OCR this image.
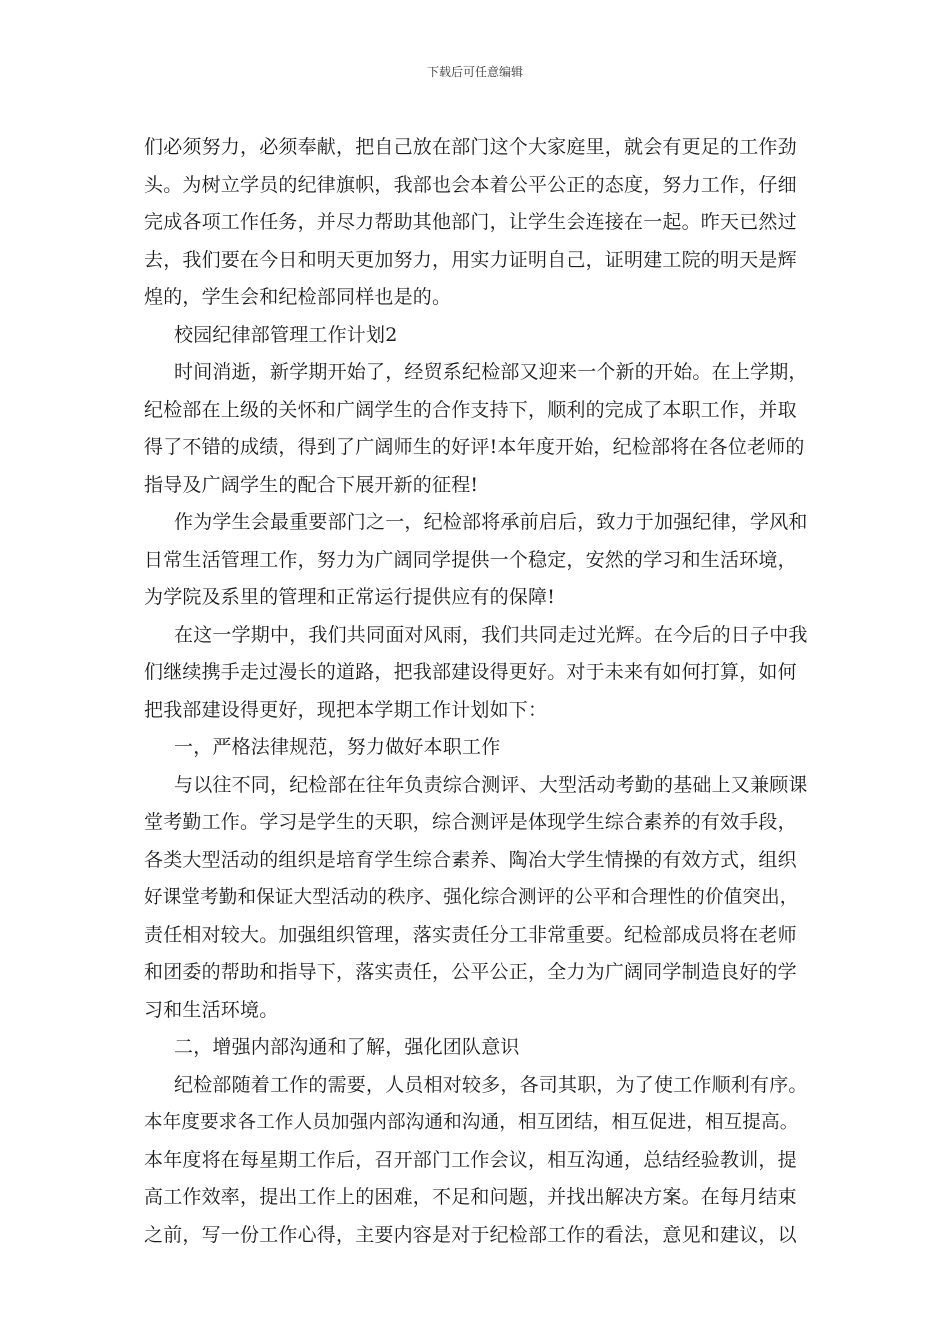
下载后可任意编辑
们必须努力，必须奉献，把自己放在部门这个大家庭里，就会有更足的工作劲
头。为树立学员的纪律旗帜，我部也会本着公平公正的态度，努力工作，仔细
完成各项工作任务，并尽力帮助其他部门，让学生会连接在一起。昨天已然过
去，我们要在今日和明天更加努力，用实力证明自己，证明建工院的明天是辉
煌的，学生会和纪检部同样也是的。
校园纪律部管理工作计划2
时间消逝，新学期开始了，经贸系纪检部又迎来一个新的开始。在上学期，
纪检部在上级的关怀和广阔学生的合作支持下，顺利的完成了本职工作，并取
得了不错的成绩，得到了广阔师生的好评!本年度开始，纪检部将在各位老师的
指导及广阔学生的配合下展开新的征程!
作为学生会最重要部门之一，纪检部将承前启后，致力于加强纪律，学风和
日常生活管理工作，努力为广阔同学提供一个稳定，安然的学习和生活环境，
为学院及系里的管理和正常运行提供应有的保障!
在这一学期中，我们共同面对风雨，我们共同走过光辉。在今后的日子中我
们继续携手走过漫长的道路，把我部建设得更好。对于未来有如何打算，如何
把我部建设得更好，现把本学期工作计划如下：
一，严格法律规范，努力做好本职工作
与以往不同，纪检部在往年负责综合测评、大型活动考勤的基础上又兼顾课
堂考勤工作。学习是学生的天职，综合测评是体现学生综合素养的有效手段，
各类大型活动的组织是培育学生综合素养、陶冶大学生情操的有效方式，组织
好课堂考勤和保证大型活动的秩序、强化综合测评的公平和合理性的价值突出，
责任相对较大。加强组织管理，落实责任分工非常重要。纪检部成员将在老师
和团委的帮助和指导下，落实责任，公平公正，全力为广阔同学制造良好的学
习和生活环境。
二，增强内部沟通和了解，强化团队意识
纪检部随着工作的需要，人员相对较多，各司其职，为了使工作顺利有序。
本年度要求各工作人员加强内部沟通和沟通，相互团结，相互促进，相互提高。
本年度将在每星期工作后，召开部门工作会议，相互沟通，总结经验教训，提
高工作效率，提出工作上的困难，不足和问题，并找出解决方案。在每月结束
之前，写一份工作心得，主要内容是对于纪检部工作的看法，意见和建议，以
